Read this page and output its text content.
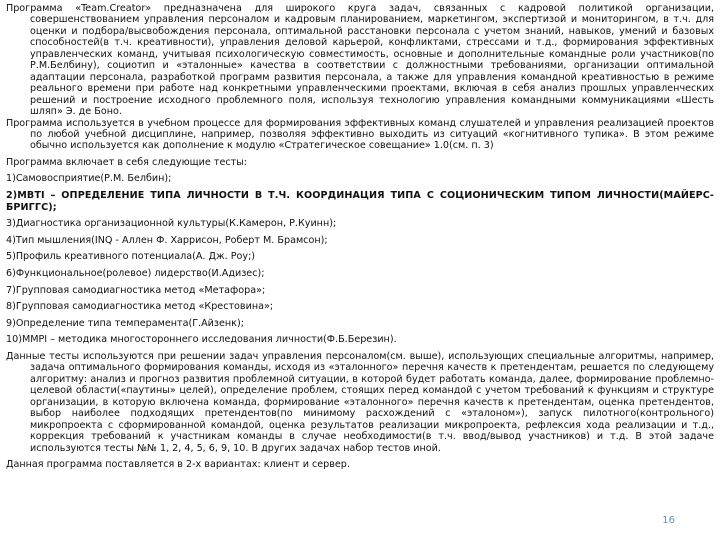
Программа «Team.Creator» предназначена для широкого круга задач, связанных с кадровой политикой организации, совершенствованием управления персоналом и кадровым планированием, маркетингом, экспертизой и мониторингом, в т.ч. для оценки и подбора/высвобождения персонала, оптимальной расстановки персонала с учетом знаний, навыков, умений и базовых способностей(в т.ч. креативности), управления деловой карьерой, конфликтами, стрессами и т.д., формирования эффективных управленческих команд, учитывая психологическую совместимость, основные и дополнительные командные роли участников(по Р.М.Белбину), социотип и «эталонные» качества в соответствии с должностными требованиями, организации оптимальной адаптации персонала, разработкой программ развития персонала, а также для управления командной креативностью в режиме реального времени при работе над конкретными управленческими проектами, включая в себя анализ прошлых управленческих решений и построение исходного проблемного поля, используя технологию управления командными коммуникациями «Шесть шляп» Э. де Боно.

Программа используется в учебном процессе для формирования эффективных команд слушателей и управления реализацией проектов по любой учебной дисциплине, например, позволяя эффективно выходить из ситуаций «когнитивного тупика». В этом режиме обычно используется как дополнение к модулю «Стратегическое совещание» 1.0(см. п. 3)

Программа включает в себя следующие тесты:

1)Самовосприятие(Р.М. Белбин);

2)MBTI – ОПРЕДЕЛЕНИЕ ТИПА ЛИЧНОСТИ В Т.Ч. КООРДИНАЦИЯ ТИПА С СОЦИОНИЧЕСКИМ ТИПОМ ЛИЧНОСТИ(МАЙЕРС-БРИГГС);

3)Диагностика организационной культуры(К.Камерон, Р.Куинн);

4)Тип мышления(INQ - Аллен Ф. Харрисон, Роберт М. Брамсон);

5)Профиль креативного потенциала(А. Дж. Роу;)

6)Функциональное(ролевое) лидерство(И.Адизес);

7)Групповая самодиагностика метод «Метафора»;

8)Групповая самодиагностика метод «Крестовина»;

9)Определение типа темперамента(Г.Айзенк);

10)MMPI – методика многостороннего исследования личности(Ф.Б.Березин).

Данные тесты используются при решении задач управления персоналом(см. выше), использующих специальные алгоритмы, например, задача оптимального формирования команды, исходя из «эталонного» перечня качеств к претендентам, решается по следующему алгоритму: анализ и прогноз развития проблемной ситуации, в которой будет работать команда, далее, формирование проблемно-целевой области(«паутины» целей), определение проблем, стоящих перед командой с учетом требований к функциям и структуре организации, в которую включена команда, формирование «эталонного» перечня качеств к претендентам, оценка претендентов, выбор наиболее подходящих претендентов(по минимому расхождений с «эталоном»), запуск пилотного(контрольного) микропроекта с сформированной командой, оценка результатов реализации микропроекта, рефлексия хода реализации и т.д., коррекция требований к участникам команды в случае необходимости(в т.ч. ввод/вывод участников) и т.д. В этой задаче используются тесты №№ 1, 2, 4, 5, 6, 9, 10. В других задачах набор тестов иной.

Данная программа поставляется в 2-х вариантах: клиент и сервер.

16
